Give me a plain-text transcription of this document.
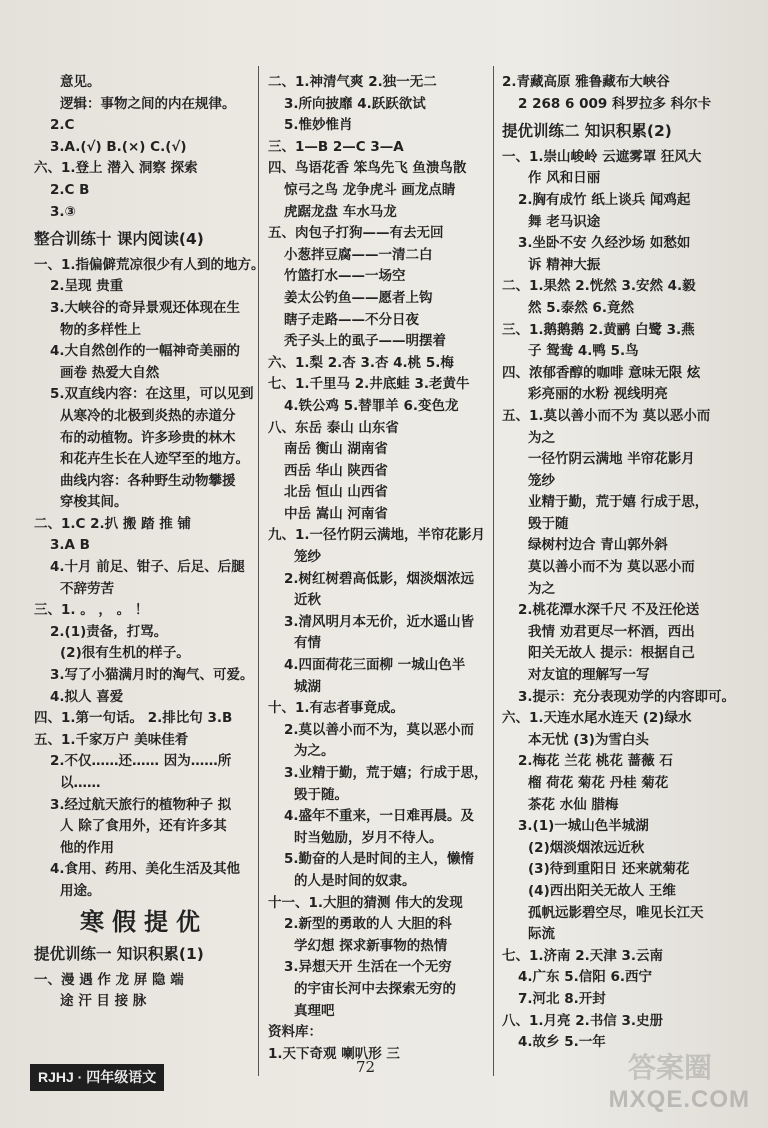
意见。
逻辑：事物之间的内在规律。
2.C
3.A.(√) B.(×) C.(√)
六、1.登上 潜入 洞察 探索
2.C B
3.③
整合训练十 课内阅读(4)
一、1.指偏僻荒凉很少有人到的地方。
2.呈现 贵重
3.大峡谷的奇异景观还体现在生
物的多样性上
4.大自然创作的一幅神奇美丽的
画卷 热爱大自然
5.双直线内容：在这里，可以见到
从寒冷的北极到炎热的赤道分
布的动植物。许多珍贵的林木
和花卉生长在人迹罕至的地方。
曲线内容：各种野生动物攀援
穿梭其间。
二、1.C 2.扒 搬 踏 推 铺
3.A B
4.十月 前足、钳子、后足、后腿
不辞劳苦
三、1. 。 ， 。 ！
2.(1)责备，打骂。
(2)很有生机的样子。
3.写了小猫满月时的淘气、可爱。
4.拟人 喜爱
四、1.第一句话。 2.排比句 3.B
五、1.千家万户 美味佳肴
2.不仅……还…… 因为……所
以……
3.经过航天旅行的植物种子 拟
人 除了食用外，还有许多其
他的作用
4.食用、药用、美化生活及其他
用途。
寒假提优
提优训练一 知识积累(1)
一、漫 遇 作 龙 屏 隐 端
途 汗 目 接 脉
二、1.神清气爽 2.独一无二
3.所向披靡 4.跃跃欲试
5.惟妙惟肖
三、1—B 2—C 3—A
四、鸟语花香 笨鸟先飞 鱼溃鸟散
惊弓之鸟 龙争虎斗 画龙点睛
虎踞龙盘 车水马龙
五、肉包子打狗——有去无回
小葱拌豆腐——一清二白
竹篮打水——一场空
姜太公钓鱼——愿者上钩
瞎子走路——不分日夜
秃子头上的虱子——明摆着
六、1.梨 2.杏 3.杏 4.桃 5.梅
七、1.千里马 2.井底蛙 3.老黄牛
4.铁公鸡 5.替罪羊 6.变色龙
八、东岳 泰山 山东省
南岳 衡山 湖南省
西岳 华山 陕西省
北岳 恒山 山西省
中岳 嵩山 河南省
九、1.一径竹阴云满地，半帘花影月
笼纱
2.树红树碧高低影，烟淡烟浓远
近秋
3.清风明月本无价，近水遥山皆
有情
4.四面荷花三面柳 一城山色半
城湖
十、1.有志者事竟成。
2.莫以善小而不为，莫以恶小而
为之。
3.业精于勤，荒于嬉；行成于思，
毁于随。
4.盛年不重来，一日难再晨。及
时当勉励，岁月不待人。
5.勤奋的人是时间的主人，懒惰
的人是时间的奴隶。
十一、1.大胆的猜测 伟大的发现
2.新型的勇敢的人 大胆的科
学幻想 探求新事物的热情
3.异想天开 生活在一个无穷
的宇宙长河中去探索无穷的
真理吧
资料库：
1.天下奇观 喇叭形 三
2.青藏高原 雅鲁藏布大峡谷
2 268 6 009 科罗拉多 科尔卡
提优训练二 知识积累(2)
一、1.崇山峻岭 云遮雾罩 狂风大
作 风和日丽
2.胸有成竹 纸上谈兵 闻鸡起
舞 老马识途
3.坐卧不安 久经沙场 如愁如
诉 精神大振
二、1.果然 2.恍然 3.安然 4.毅
然 5.泰然 6.竟然
三、1.鹅鹅鹅 2.黄鹂 白鹭 3.燕
子 鸳鸯 4.鸭 5.鸟
四、浓郁香醇的咖啡 意味无限 炫
彩亮丽的水粉 视线明亮
五、1.莫以善小而不为 莫以恶小而
为之
一径竹阴云满地 半帘花影月
笼纱
业精于勤，荒于嬉 行成于思，
毁于随
绿树村边合 青山郭外斜
莫以善小而不为 莫以恶小而
为之
2.桃花潭水深千尺 不及汪伦送
我情 劝君更尽一杯酒，西出
阳关无故人 提示：根据自己
对友谊的理解写一写
3.提示：充分表现劝学的内容即可。
六、1.天连水尾水连天 (2)绿水
本无忧 (3)为雪白头
2.梅花 兰花 桃花 蔷薇 石
榴 荷花 菊花 丹桂 菊花
茶花 水仙 腊梅
3.(1)一城山色半城湖
(2)烟淡烟浓远近秋
(3)待到重阳日 还来就菊花
(4)西出阳关无故人 王维
孤帆远影碧空尽，唯见长江天
际流
七、1.济南 2.天津 3.云南
4.广东 5.信阳 6.西宁
7.河北 8.开封
八、1.月亮 2.书信 3.史册
4.故乡 5.一年
RJHJ · 四年级语文
72	答案圈
MXQE.COM
